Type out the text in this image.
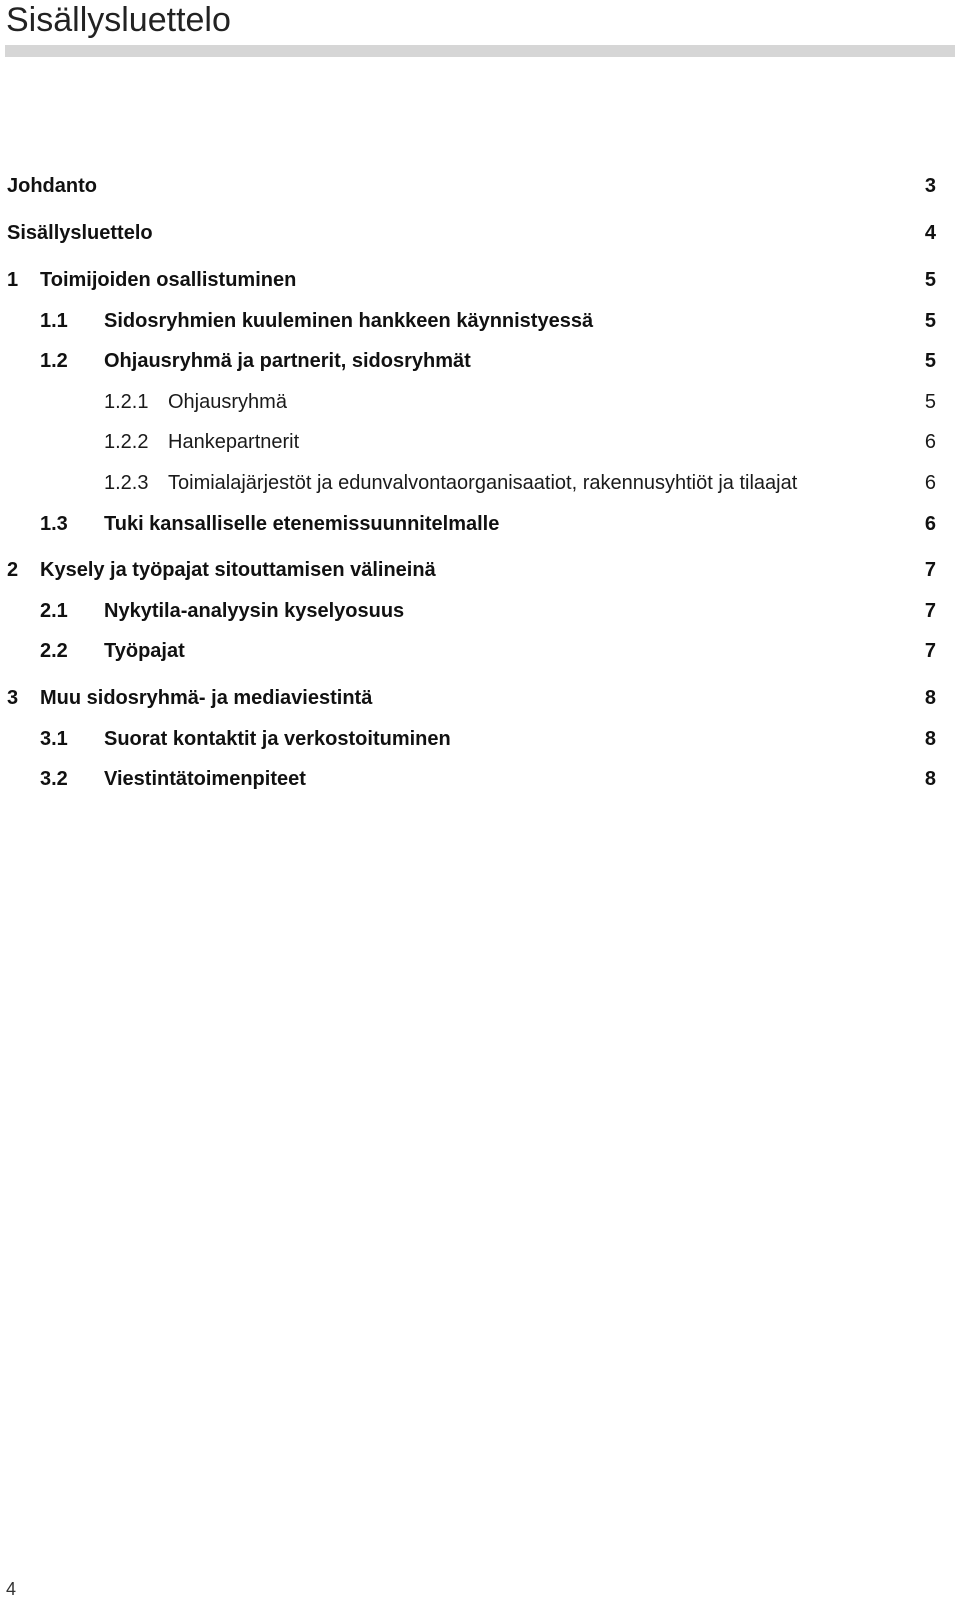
Sisällysluettelo
Johdanto	3
Sisällysluettelo	4
1 Toimijoiden osallistuminen	5
1.1 Sidosryhmien kuuleminen hankkeen käynnistyessä	5
1.2 Ohjausryhmä ja partnerit, sidosryhmät	5
1.2.1 Ohjausryhmä	5
1.2.2 Hankepartnerit	6
1.2.3 Toimialajärjestöt ja edunvalvontaorganisaatiot, rakennusyhtiöt ja tilaajat	6
1.3 Tuki kansalliselle etenemissuunnitelmalle	6
2 Kysely ja työpajat sitouttamisen välineinä	7
2.1 Nykytila-analyysin kyselyosuus	7
2.2 Työpajat	7
3 Muu sidosryhmä- ja mediaviestintä	8
3.1 Suorat kontaktit ja verkostoituminen	8
3.2 Viestintätoimenpiteet	8
4
